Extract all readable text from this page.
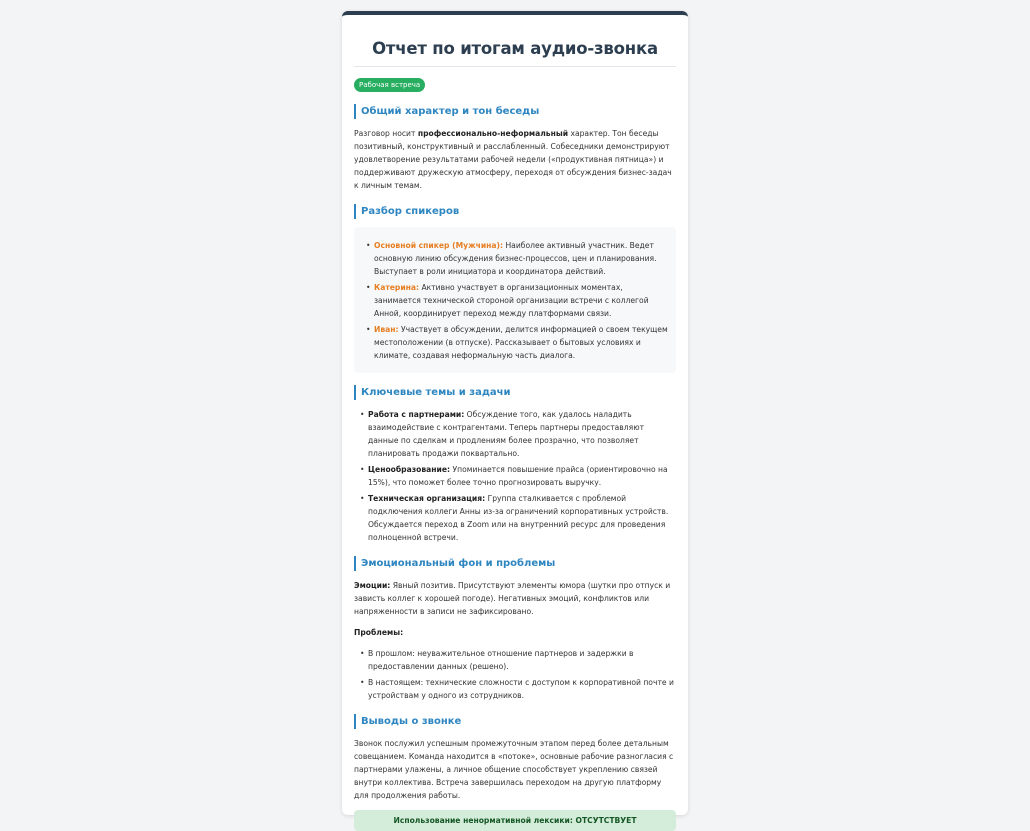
Отчет по итогам аудио-звонка
Рабочая встреча
Общий характер и тон беседы

Разговор носит профессионально-неформальный характер. Тон беседы позитивный, конструктивный и расслабленный. Собеседники демонстрируют удовлетворение результатами рабочей недели («продуктивная пятница») и поддерживают дружескую атмосферу, переходя от обсуждения бизнес-задач к личным темам.

Разбор спикеров
• Основной спикер (Мужчина): Наиболее активный участник. Ведет основную линию обсуждения бизнес-процессов, цен и планирования. Выступает в роли инициатора и координатора действий.
• Катерина: Активно участвует в организационных моментах, занимается технической стороной организации встречи с коллегой Анной, координирует переход между платформами связи.
• Иван: Участвует в обсуждении, делится информацией о своем текущем местоположении (в отпуске). Рассказывает о бытовых условиях и климате, создавая неформальную часть диалога.
Ключевые темы и задачи
• Работа с партнерами: Обсуждение того, как удалось наладить взаимодействие с контрагентами. Теперь партнеры предоставляют данные по сделкам и продлениям более прозрачно, что позволяет планировать продажи поквартально.
• Ценообразование: Упоминается повышение прайса (ориентировочно на 15%), что поможет более точно прогнозировать выручку.
• Техническая организация: Группа сталкивается с проблемой подключения коллеги Анны из-за ограничений корпоративных устройств. Обсуждается переход в Zoom или на внутренний ресурс для проведения полноценной встречи.
Эмоциональный фон и проблемы

Эмоции: Явный позитив. Присутствуют элементы юмора (шутки про отпуск и зависть коллег к хорошей погоде). Негативных эмоций, конфликтов или напряженности в записи не зафиксировано.

Проблемы:

• В прошлом: неуважительное отношение партнеров и задержки в предоставлении данных (решено).
• В настоящем: технические сложности с доступом к корпоративной почте и устройствам у одного из сотрудников.
Выводы о звонке

Звонок послужил успешным промежуточным этапом перед более детальным совещанием. Команда находится в «потоке», основные рабочие разногласия с партнерами улажены, а личное общение способствует укреплению связей внутри коллектива. Встреча завершилась переходом на другую платформу для продолжения работы.

Использование ненормативной лексики: ОТСУТСТВУЕТ
